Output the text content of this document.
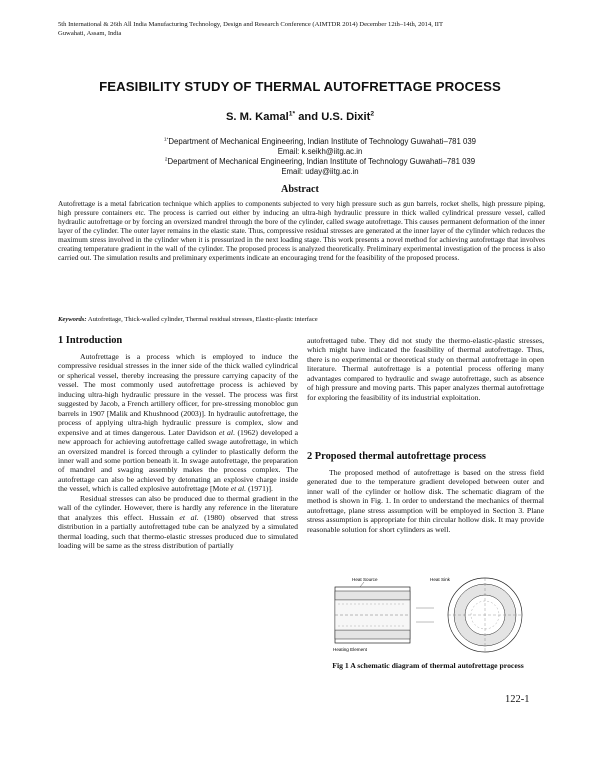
5th International & 26th All India Manufacturing Technology, Design and Research Conference (AIMTDR 2014) December 12th–14th, 2014, IIT
Guwahati, Assam, India
FEASIBILITY STUDY OF THERMAL AUTOFRETTAGE PROCESS
S. M. Kamal$^{1*}$ and U.S. Dixit$^2$
$^{1*}$Department of Mechanical Engineering, Indian Institute of Technology Guwahati–781 039
Email: k.seikh@iitg.ac.in
$^2$Department of Mechanical Engineering, Indian Institute of Technology Guwahati–781 039
Email: uday@iitg.ac.in
Abstract
Autofrettage is a metal fabrication technique which applies to components subjected to very high pressure such as gun barrels, rocket shells, high pressure piping, high pressure containers etc. The process is carried out either by inducing an ultra-high hydraulic pressure in thick walled cylindrical pressure vessel, called hydraulic autofrettage or by forcing an oversized mandrel through the bore of the cylinder, called swage autofrettage. This causes permanent deformation of the inner layer of the cylinder. The outer layer remains in the elastic state. Thus, compressive residual stresses are generated at the inner layer of the cylinder which reduces the maximum stress involved in the cylinder when it is pressurized in the next loading stage. This work presents a novel method for achieving autofrettage that involves creating temperature gradient in the wall of the cylinder. The proposed process is analyzed theoretically. Preliminary experimental investigation of the process is also carried out. The simulation results and preliminary experiments indicate an encouraging trend for the feasibility of the proposed process.
Keywords: Autofrettage, Thick-walled cylinder, Thermal residual stresses, Elastic-plastic interface
1 Introduction

Autofrettage is a process which is employed to induce the compressive residual stresses in the inner side of the thick walled cylindrical or spherical vessel, thereby increasing the pressure carrying capacity of the vessel. The most commonly used autofrettage process is achieved by inducing ultra-high hydraulic pressure in the vessel. The process was first suggested by Jacob, a French artillery officer, for pre-stressing monobloc gun barrels in 1907 [Malik and Khushnood (2003)]. In hydraulic autofrettage, the process of applying ultra-high hydraulic pressure is complex, slow and expensive and at times dangerous. Later Davidson et al. (1962) developed a new approach for achieving autofrettage called swage autofrettage, in which an oversized mandrel is forced through a cylinder to plastically deform the inner wall and some portion beneath it. In swage autofrettage, the preparation of mandrel and swaging assembly makes the process complex. The autofrettage can also be achieved by detonating an explosive charge inside the vessel, which is called explosive autofrettage [Mote et al. (1971)].

Residual stresses can also be produced due to thermal gradient in the wall of the cylinder. However, there is hardly any reference in the literature that analyzes this effect. Hussain et al. (1980) observed that stress distribution in a partially autofrettaged tube can be analyzed by a simulated thermal loading, such that thermo-elastic stresses produced due to simulated loading will be same as the stress distribution of partially

autofrettaged tube. They did not study the thermo-elastic-plastic stresses, which might have indicated the feasibility of thermal autofrettage. Thus, there is no experimental or theoretical study on thermal autofrettage in open literature. Thermal autofrettage is a potential process offering many advantages compared to hydraulic and swage autofrettage, such as absence of high pressure and moving parts. This paper analyzes thermal autofrettage for exploring the feasibility of its industrial exploitation.
2 Proposed thermal autofrettage process

The proposed method of autofrettage is based on the stress field generated due to the temperature gradient developed between outer and inner wall of the cylinder or hollow disk. The schematic diagram of the method is shown in Fig. 1. In order to understand the mechanics of thermal autofrettage, plane stress assumption will be employed in Section 3. Plane stress assumption is appropriate for thin circular hollow disk. It may provide reasonable solution for short cylinders as well.

Heat Source
Heating Element
Heat Sink
Fig 1 A schematic diagram of thermal autofrettage process
122-1
